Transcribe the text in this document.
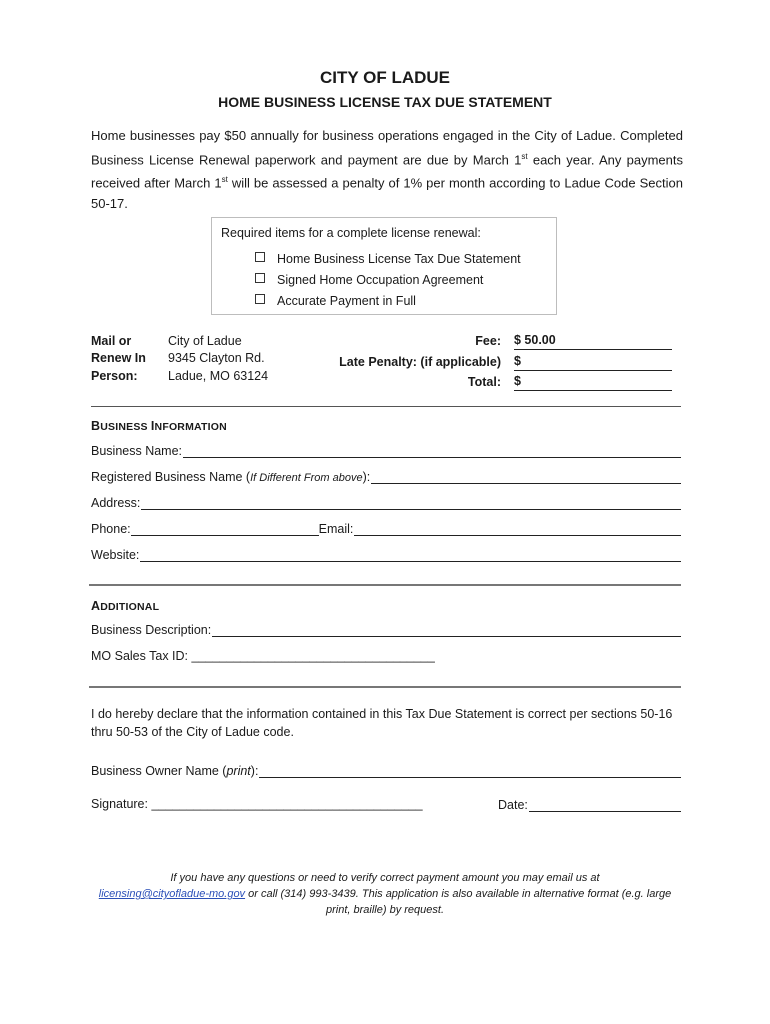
CITY OF LADUE
HOME BUSINESS LICENSE TAX DUE STATEMENT
Home businesses pay $50 annually for business operations engaged in the City of Ladue. Completed Business License Renewal paperwork and payment are due by March 1st each year. Any payments received after March 1st will be assessed a penalty of 1% per month according to Ladue Code Section 50-17.
Required items for a complete license renewal:
Home Business License Tax Due Statement
Signed Home Occupation Agreement
Accurate Payment in Full
Mail or
Renew In
Person:
City of Ladue
9345 Clayton Rd.
Ladue, MO 63124
Fee: $ 50.00
Late Penalty: (if applicable) $
Total: $
BUSINESS INFORMATION
Business Name:
Registered Business Name ( If Different From above ):
Address:
Phone:	Email:
Website:
ADDITIONAL
Business Description:
MO Sales Tax ID: ___________________________________
I do hereby declare that the information contained in this Tax Due Statement is correct per sections 50-16 thru 50-53 of the City of Ladue code.
Business Owner Name ( print ):
Signature: _______________________________________	Date:
If you have any questions or need to verify correct payment amount you may email us at
licensing@cityofladue-mo.gov or call (314) 993-3439. This application is also available in alternative format (e.g. large print, braille) by request.
